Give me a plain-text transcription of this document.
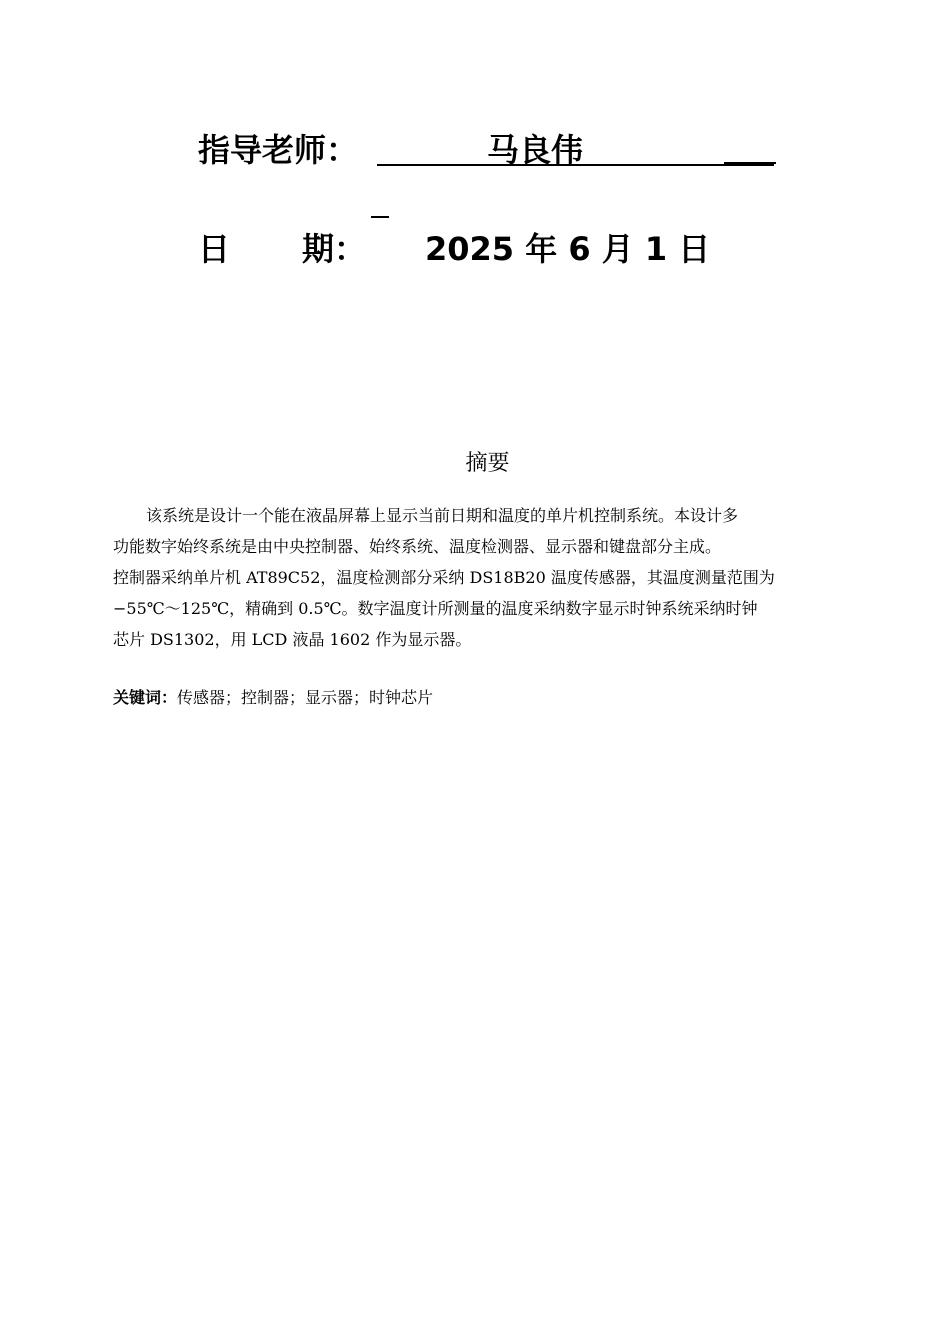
指导老师：	马良伟
日 期： 2025 年 6 月 1 日
摘要
该系统是设计一个能在液晶屏幕上显示当前日期和温度的单片机控制系统。本设计多
功能数字始终系统是由中央控制器、始终系统、温度检测器、显示器和键盘部分主成。
控制器采纳单片机 AT89C52，温度检测部分采纳 DS18B20 温度传感器，其温度测量范围为
−55℃～125℃，精确到 0.5℃。数字温度计所测量的温度采纳数字显示时钟系统采纳时钟
芯片 DS1302，用 LCD 液晶 1602 作为显示器。
关键词：传感器；控制器；显示器；时钟芯片
